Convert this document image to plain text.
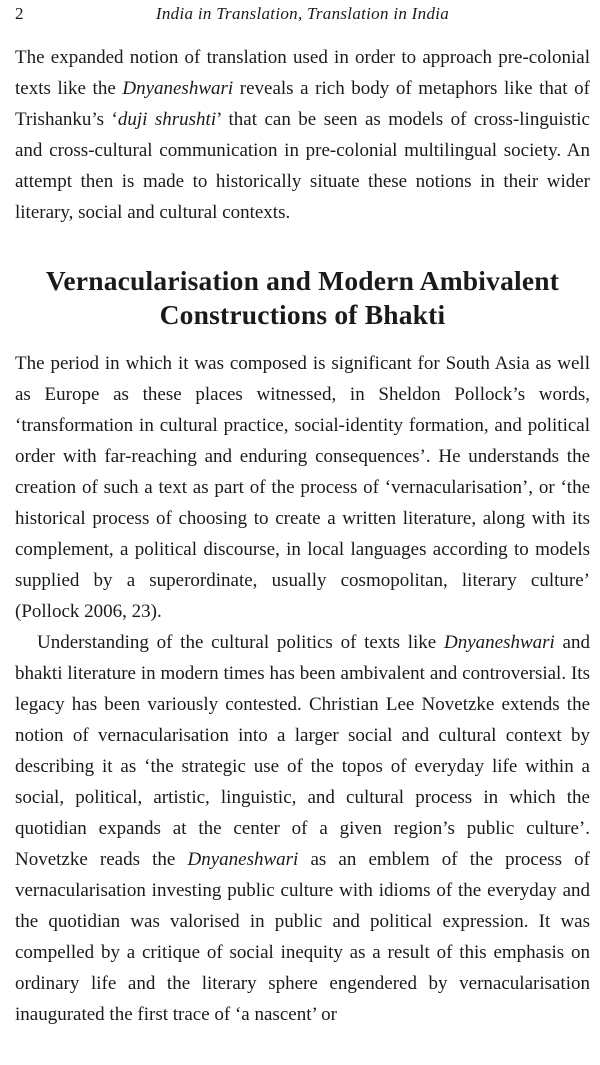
2	India in Translation, Translation in India

The expanded notion of translation used in order to approach pre-colonial texts like the Dnyaneshwari reveals a rich body of metaphors like that of Trishanku’s ‘duji shrushti’ that can be seen as models of cross-linguistic and cross-cultural communication in pre-colonial multilingual society. An attempt then is made to historically situate these notions in their wider literary, social and cultural contexts.

Vernacularisation and Modern Ambivalent
Constructions of Bhakti

The period in which it was composed is significant for South Asia as well as Europe as these places witnessed, in Sheldon Pollock’s words, ‘transformation in cultural practice, social-identity formation, and political order with far-reaching and enduring consequences’. He understands the creation of such a text as part of the process of ‘vernacularisation’, or ‘the historical process of choosing to create a written literature, along with its complement, a political discourse, in local languages according to models supplied by a superordinate, usually cosmopolitan, literary culture’ (Pollock 2006, 23).

Understanding of the cultural politics of texts like Dnyaneshwari and bhakti literature in modern times has been ambivalent and controversial. Its legacy has been variously contested. Christian Lee Novetzke extends the notion of vernacularisation into a larger social and cultural context by describing it as ‘the strategic use of the topos of everyday life within a social, political, artistic, linguistic, and cultural process in which the quotidian expands at the center of a given region’s public culture’. Novetzke reads the Dnyaneshwari as an emblem of the process of vernacularisation investing public culture with idioms of the everyday and the quotidian was valorised in public and political expression. It was compelled by a critique of social inequity as a result of this emphasis on ordinary life and the literary sphere engendered by vernacularisation inaugurated the first trace of ‘a nascent’ or
